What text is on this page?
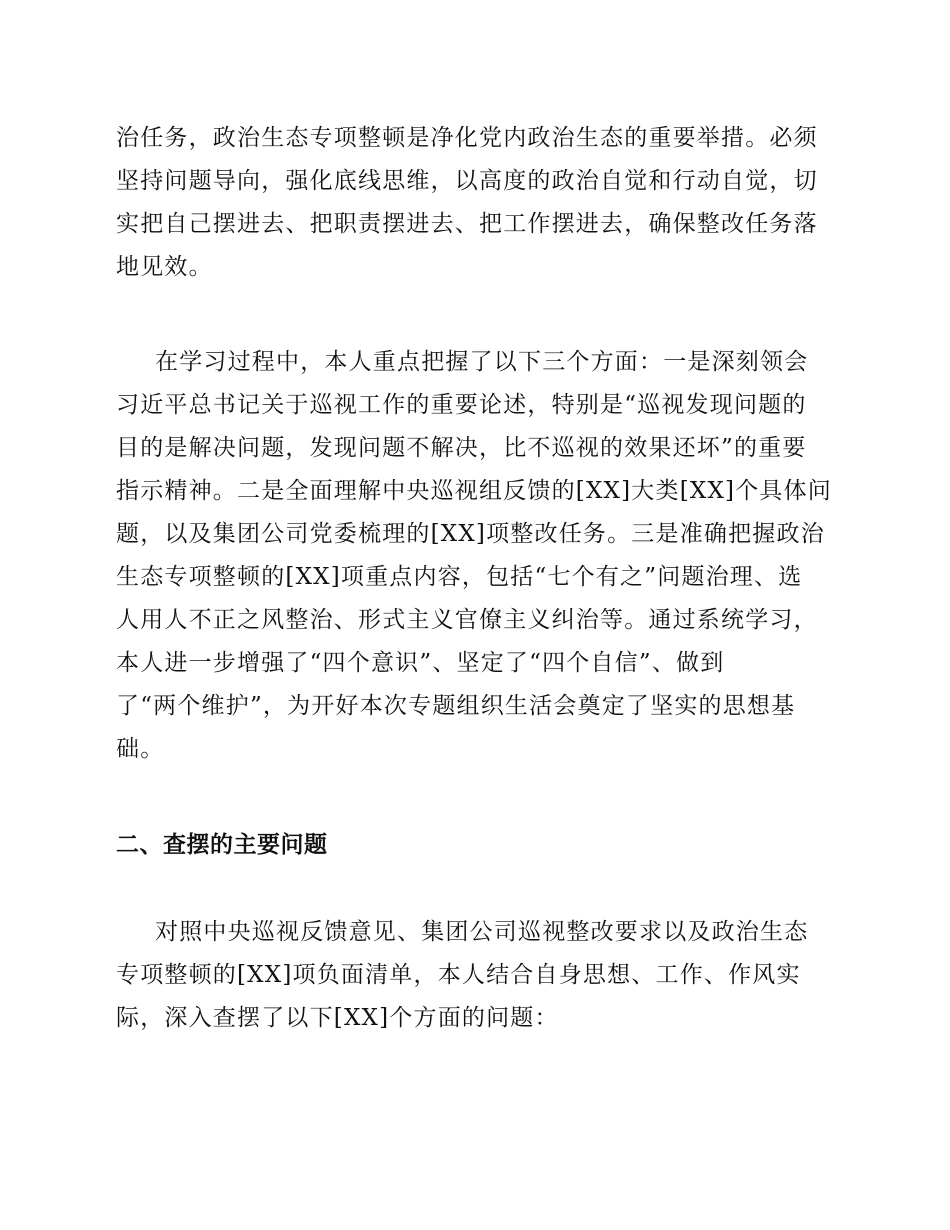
治任务，政治生态专项整顿是净化党内政治生态的重要举措。必须
坚持问题导向，强化底线思维，以高度的政治自觉和行动自觉，切
实把自己摆进去、把职责摆进去、把工作摆进去，确保整改任务落
地见效。
在学习过程中，本人重点把握了以下三个方面：一是深刻领会
习近平总书记关于巡视工作的重要论述，特别是“巡视发现问题的
目的是解决问题，发现问题不解决，比不巡视的效果还坏”的重要
指示精神。二是全面理解中央巡视组反馈的[XX]大类[XX]个具体问
题，以及集团公司党委梳理的[XX]项整改任务。三是准确把握政治
生态专项整顿的[XX]项重点内容，包括“七个有之”问题治理、选
人用人不正之风整治、形式主义官僚主义纠治等。通过系统学习，
本人进一步增强了“四个意识”、坚定了“四个自信”、做到
了“两个维护”，为开好本次专题组织生活会奠定了坚实的思想基
础。
二、查摆的主要问题
对照中央巡视反馈意见、集团公司巡视整改要求以及政治生态
专项整顿的[XX]项负面清单，本人结合自身思想、工作、作风实
际，深入查摆了以下[XX]个方面的问题：
